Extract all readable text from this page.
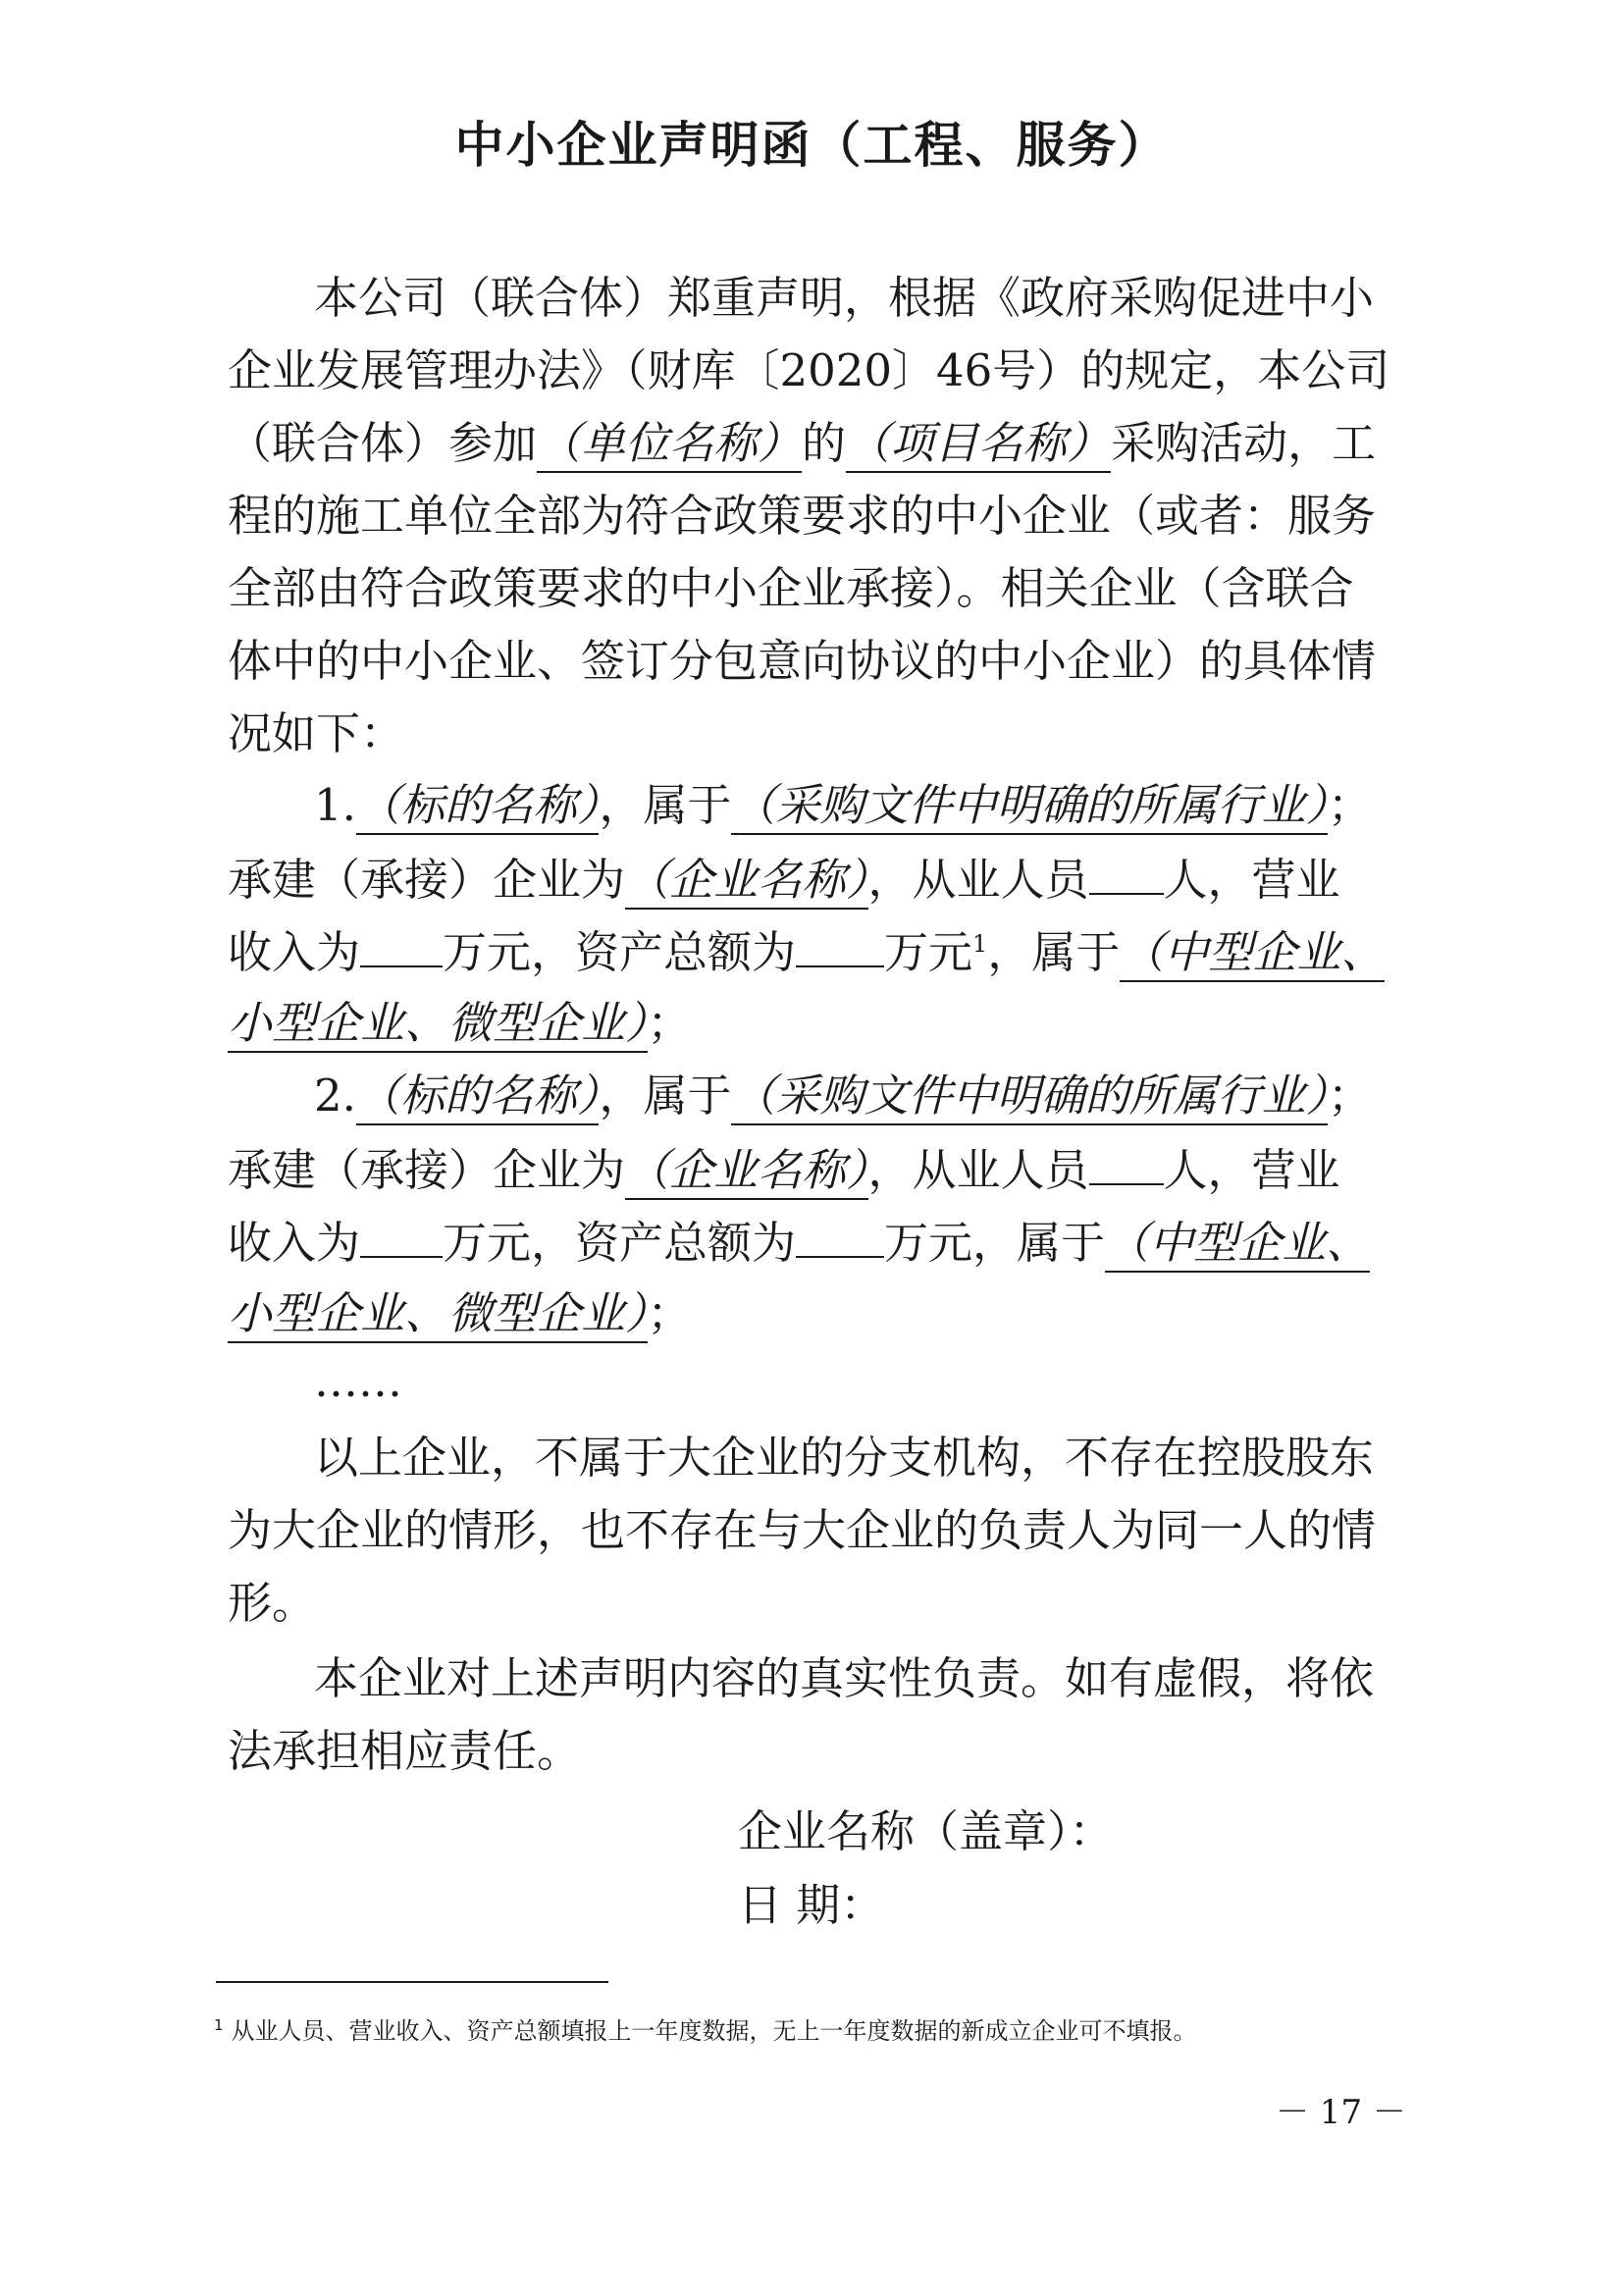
中小企业声明函（工程、服务）
本公司（联合体）郑重声明，根据《政府采购促进中小
企业发展管理办法》（财库〔2020〕46号）的规定，本公司
（联合体）参加（单位名称）的（项目名称）采购活动，工
程的施工单位全部为符合政策要求的中小企业（或者：服务
全部由符合政策要求的中小企业承接）。相关企业（含联合
体中的中小企业、签订分包意向协议的中小企业）的具体情
况如下：
1.（标的名称），属于（采购文件中明确的所属行业）；
承建（承接）企业为（企业名称），从业人员 人，营业
收入为 万元，资产总额为 万元$^1$，属于（中型企业、
小型企业、微型企业）；
2.（标的名称），属于（采购文件中明确的所属行业）；
承建（承接）企业为（企业名称），从业人员 人，营业
收入为 万元，资产总额为 万元，属于（中型企业、
小型企业、微型企业）；
……
以上企业，不属于大企业的分支机构，不存在控股股东
为大企业的情形，也不存在与大企业的负责人为同一人的情
形。
本企业对上述声明内容的真实性负责。如有虚假，将依
法承担相应责任。
企业名称（盖章）：
日 期：
$^1$ 从业人员、营业收入、资产总额填报上一年度数据，无上一年度数据的新成立企业可不填报。
－ 17 －
